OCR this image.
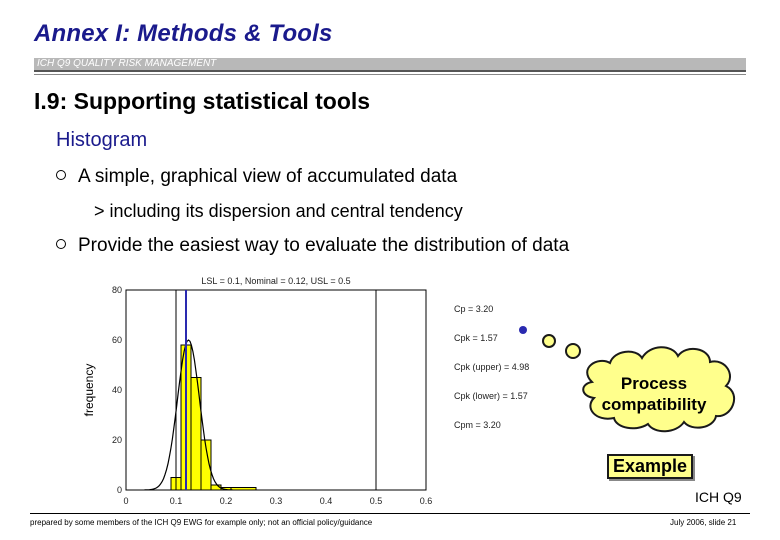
Annex I: Methods & Tools
ICH Q9 QUALITY RISK MANAGEMENT
I.9: Supporting statistical tools
Histogram
A simple, graphical view of accumulated data
> including its dispersion and central tendency
Provide the easiest way to evaluate the distribution of data
LSL = 0.1, Nominal = 0.12, USL = 0.5
0	0.1	0.2	0.3	0.4	0.5	0.6
0
20
40
60
80
frequency
Cp = 3.20
Cpk = 1.57
Cpk (upper) = 4.98
Cpk (lower) = 1.57
Cpm = 3.20
Process compatibility
Example
ICH Q9
prepared by some members of the ICH Q9 EWG for example only; not an official policy/guidance	July 2006, slide 21
